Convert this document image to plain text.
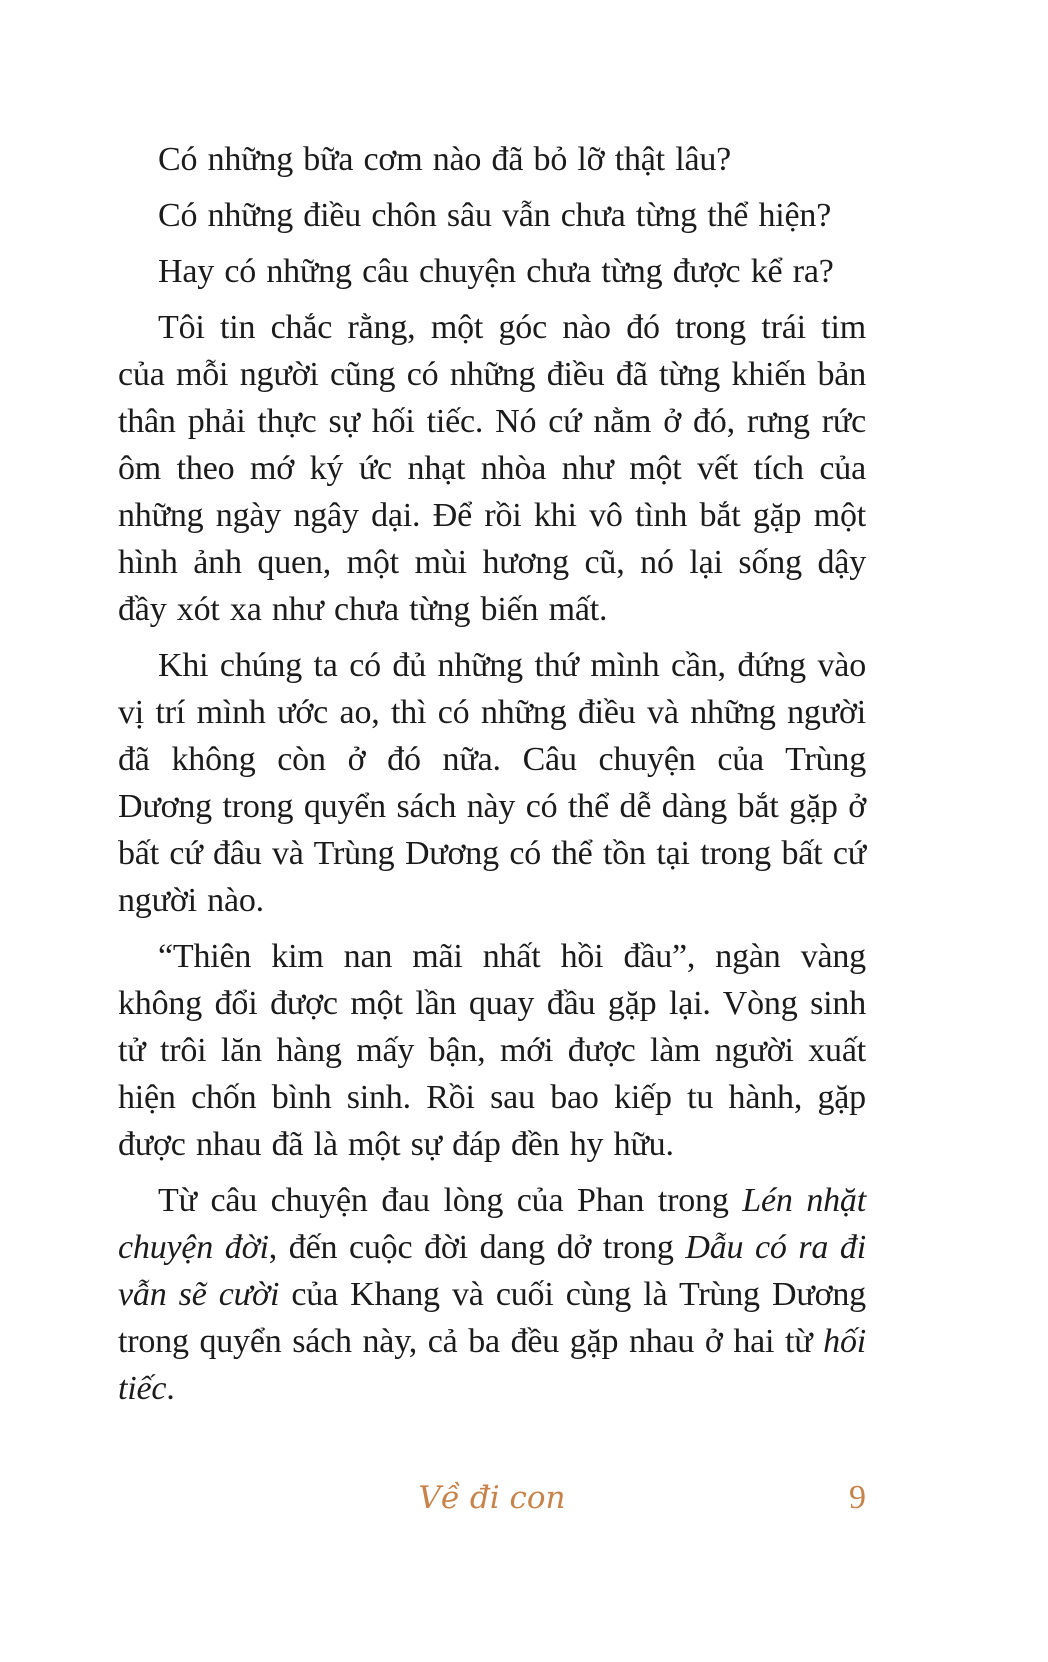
Có những bữa cơm nào đã bỏ lỡ thật lâu?

Có những điều chôn sâu vẫn chưa từng thể hiện?

Hay có những câu chuyện chưa từng được kể ra?

Tôi tin chắc rằng, một góc nào đó trong trái tim của mỗi người cũng có những điều đã từng khiến bản thân phải thực sự hối tiếc. Nó cứ nằm ở đó, rưng rức ôm theo mớ ký ức nhạt nhòa như một vết tích của những ngày ngây dại. Để rồi khi vô tình bắt gặp một hình ảnh quen, một mùi hương cũ, nó lại sống dậy đầy xót xa như chưa từng biến mất.

Khi chúng ta có đủ những thứ mình cần, đứng vào vị trí mình ước ao, thì có những điều và những người đã không còn ở đó nữa. Câu chuyện của Trùng Dương trong quyển sách này có thể dễ dàng bắt gặp ở bất cứ đâu và Trùng Dương có thể tồn tại trong bất cứ người nào.

“Thiên kim nan mãi nhất hồi đầu”, ngàn vàng không đổi được một lần quay đầu gặp lại. Vòng sinh tử trôi lăn hàng mấy bận, mới được làm người xuất hiện chốn bình sinh. Rồi sau bao kiếp tu hành, gặp được nhau đã là một sự đáp đền hy hữu.

Từ câu chuyện đau lòng của Phan trong Lén nhặt chuyện đời, đến cuộc đời dang dở trong Dẫu có ra đi vẫn sẽ cười của Khang và cuối cùng là Trùng Dương trong quyển sách này, cả ba đều gặp nhau ở hai từ hối tiếc.

Về đi con	9
